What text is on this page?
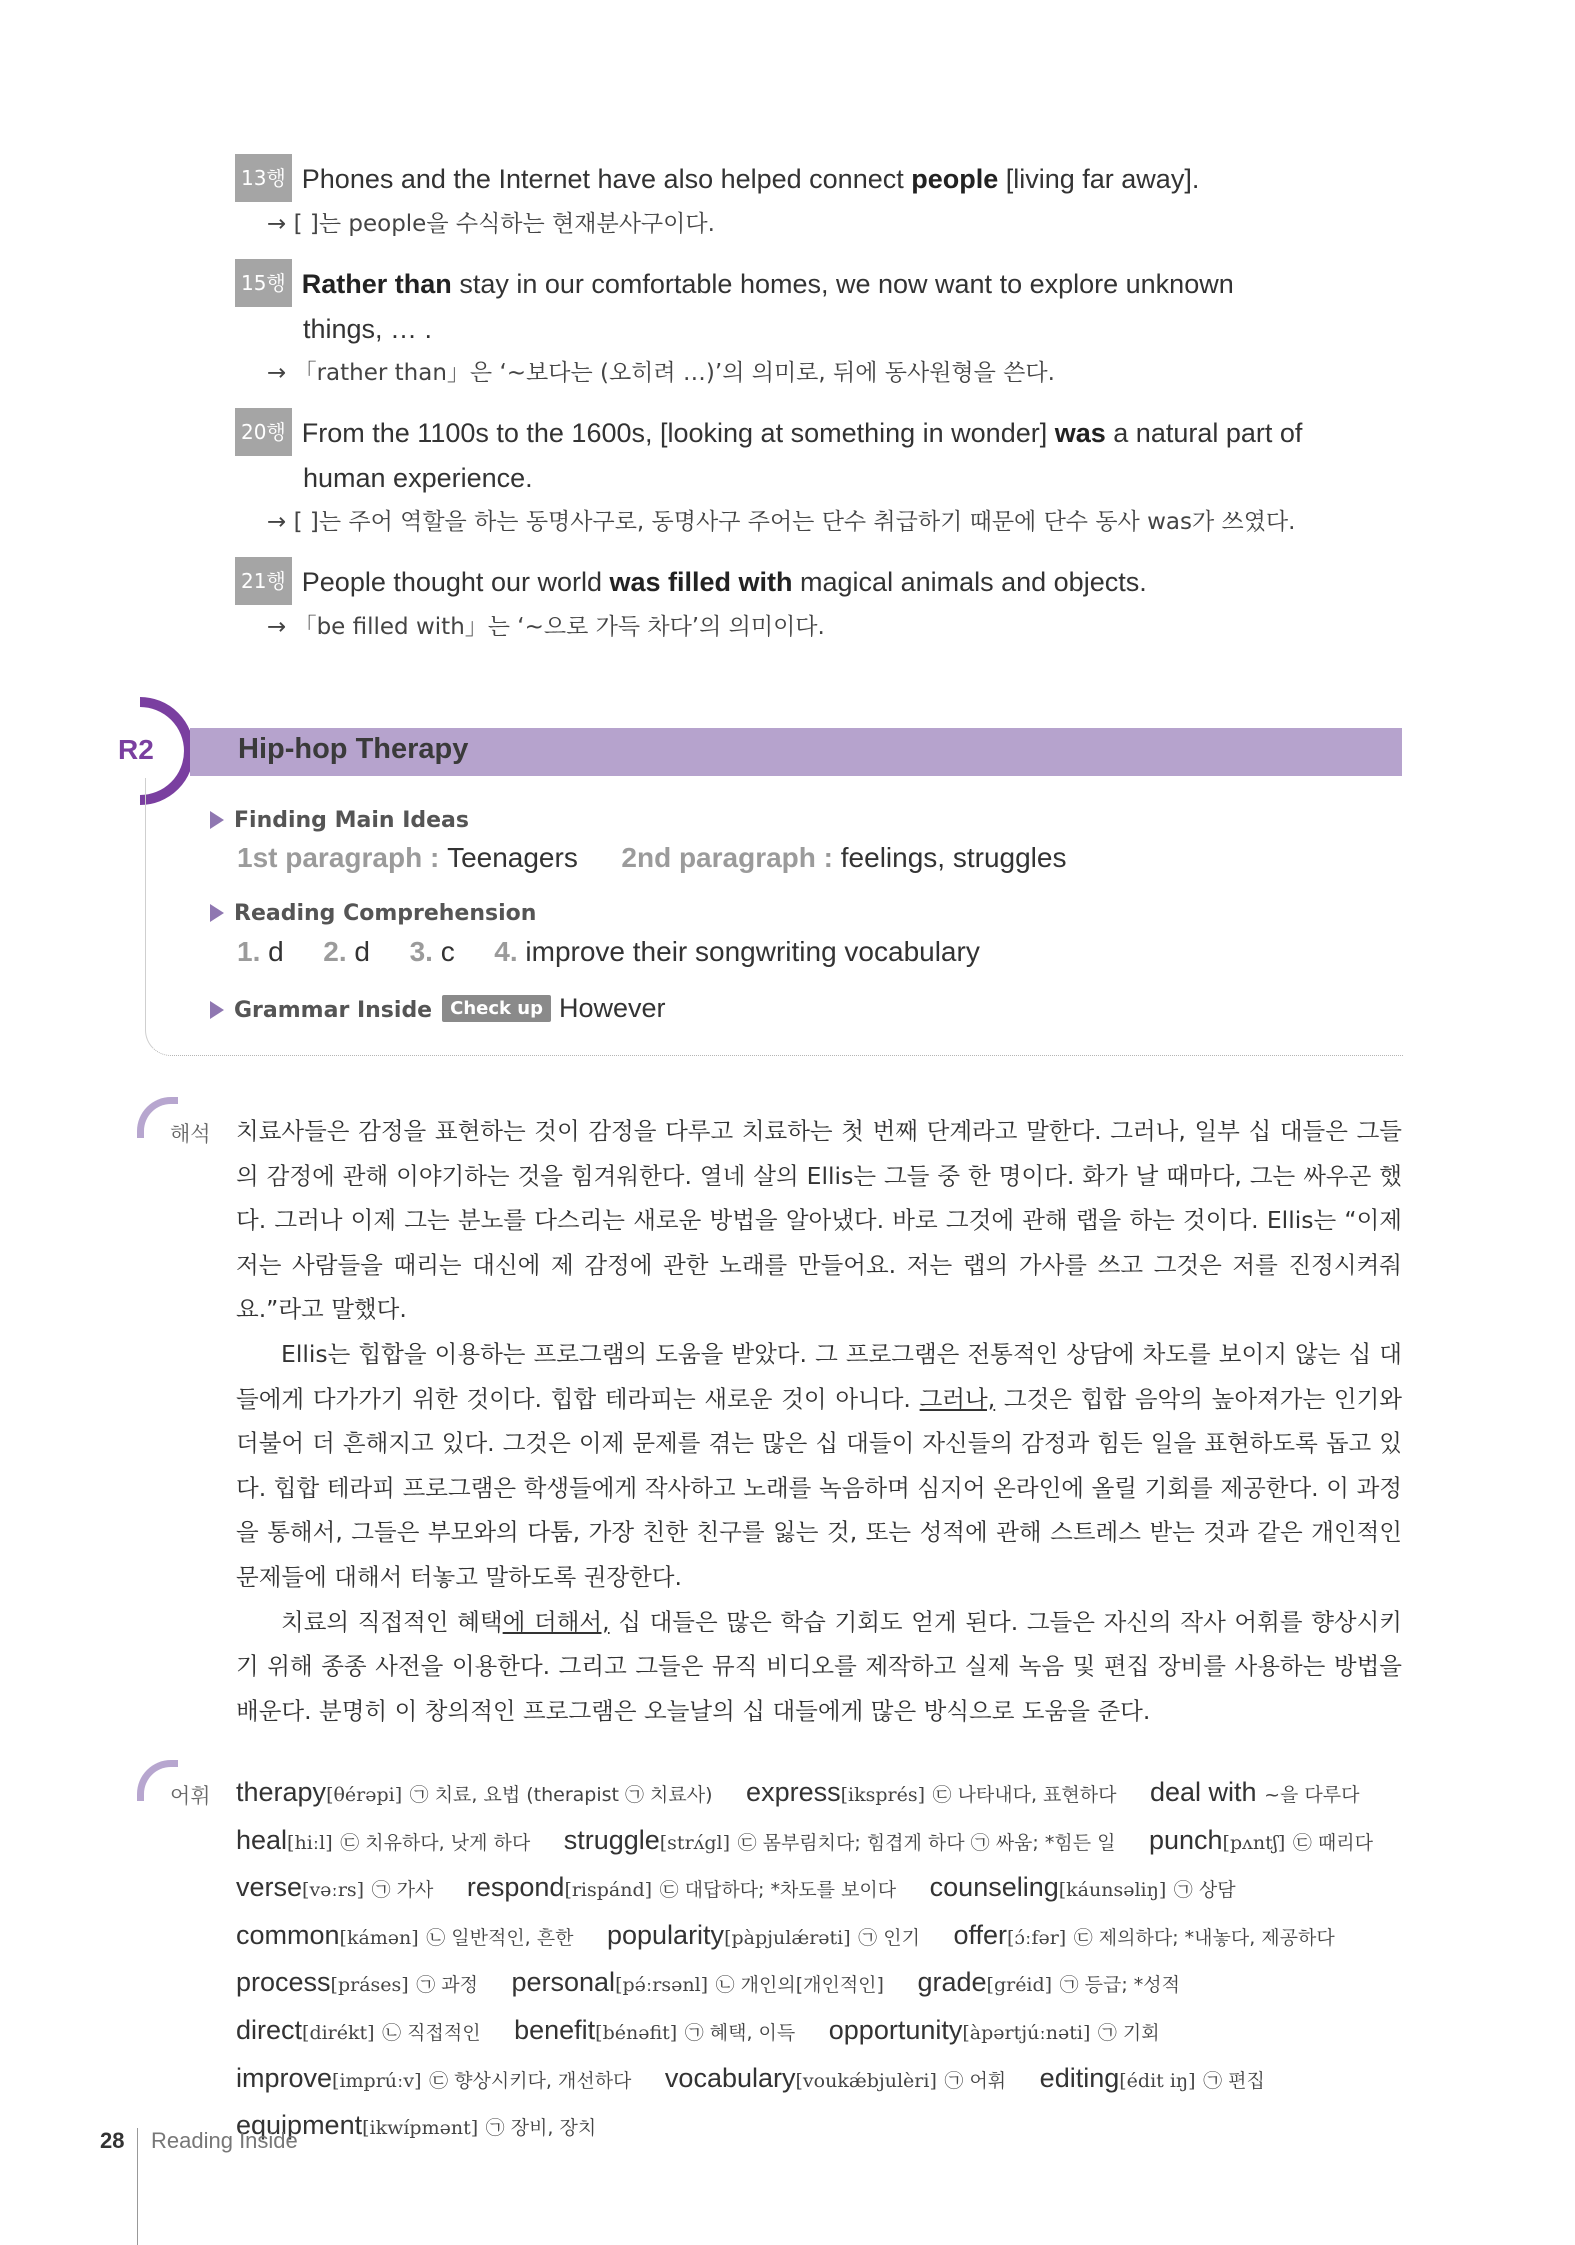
13행 Phones and the Internet have also helped connect people [living far away].
→ [ ]는 people을 수식하는 현재분사구이다.
15행 Rather than stay in our comfortable homes, we now want to explore unknown
things, … .
→ 「rather than」은 ‘~보다는 (오히려 …)’의 의미로, 뒤에 동사원형을 쓴다.
20행 From the 1100s to the 1600s, [looking at something in wonder] was a natural part of
human experience.
→ [ ]는 주어 역할을 하는 동명사구로, 동명사구 주어는 단수 취급하기 때문에 단수 동사 was가 쓰였다.
21행 People thought our world was filled with magical animals and objects.
→ 「be filled with」는 ‘~으로 가득 차다’의 의미이다.
R2	Hip-hop Therapy
Finding Main Ideas
1st paragraph : Teenagers 2nd paragraph : feelings, struggles
Reading Comprehension
1. d 2. d 3. c 4. improve their songwriting vocabulary
Grammar Inside Check up However
해석 치료사들은 감정을 표현하는 것이 감정을 다루고 치료하는 첫 번째 단계라고 말한다. 그러나, 일부 십 대들은 그들의 감정에 관해 이야기하는 것을 힘겨워한다. 열네 살의 Ellis는 그들 중 한 명이다. 화가 날 때마다, 그는 싸우곤 했다. 그러나 이제 그는 분노를 다스리는 새로운 방법을 알아냈다. 바로 그것에 관해 랩을 하는 것이다. Ellis는 “이제 저는 사람들을 때리는 대신에 제 감정에 관한 노래를 만들어요. 저는 랩의 가사를 쓰고 그것은 저를 진정시켜줘요.”라고 말했다.

Ellis는 힙합을 이용하는 프로그램의 도움을 받았다. 그 프로그램은 전통적인 상담에 차도를 보이지 않는 십 대들에게 다가가기 위한 것이다. 힙합 테라피는 새로운 것이 아니다. 그러나, 그것은 힙합 음악의 높아져가는 인기와 더불어 더 흔해지고 있다. 그것은 이제 문제를 겪는 많은 십 대들이 자신들의 감정과 힘든 일을 표현하도록 돕고 있다. 힙합 테라피 프로그램은 학생들에게 작사하고 노래를 녹음하며 심지어 온라인에 올릴 기회를 제공한다. 이 과정을 통해서, 그들은 부모와의 다툼, 가장 친한 친구를 잃는 것, 또는 성적에 관해 스트레스 받는 것과 같은 개인적인 문제들에 대해서 터놓고 말하도록 권장한다.

치료의 직접적인 혜택에 더해서, 십 대들은 많은 학습 기회도 얻게 된다. 그들은 자신의 작사 어휘를 향상시키기 위해 종종 사전을 이용한다. 그리고 그들은 뮤직 비디오를 제작하고 실제 녹음 및 편집 장비를 사용하는 방법을 배운다. 분명히 이 창의적인 프로그램은 오늘날의 십 대들에게 많은 방식으로 도움을 준다.

어휘 therapy[θérəpi] ㉠ 치료, 요법 (therapist ㉠ 치료사) express[iksprés] ㉢ 나타내다, 표현하다 deal with ~을 다루다 heal[hiːl] ㉢ 치유하다, 낫게 하다 struggle[strʌ́gl] ㉢ 몸부림치다; 힘겹게 하다 ㉠ 싸움; *힘든 일 punch[pʌntʃ] ㉢ 때리다 verse[vəːrs] ㉠ 가사 respond[rispánd] ㉢ 대답하다; *차도를 보이다 counseling[káunsəliŋ] ㉠ 상담 common[kámən] ㉡ 일반적인, 흔한 popularity[pàpjulǽrəti] ㉠ 인기 offer[ɔ́ːfər] ㉢ 제의하다; *내놓다, 제공하다 process[práses] ㉠ 과정 personal[pə́ːrsənl] ㉡ 개인의[개인적인] grade[gréid] ㉠ 등급; *성적 direct[dirékt] ㉡ 직접적인 benefit[bénəfit] ㉠ 혜택, 이득 opportunity[àpərtjúːnəti] ㉠ 기회 improve[imprúːv] ㉢ 향상시키다, 개선하다 vocabulary[voukǽbjulèri] ㉠ 어휘 editing[édit iŋ] ㉠ 편집 equipment[ikwípmənt] ㉠ 장비, 장치
28 Reading Inside
